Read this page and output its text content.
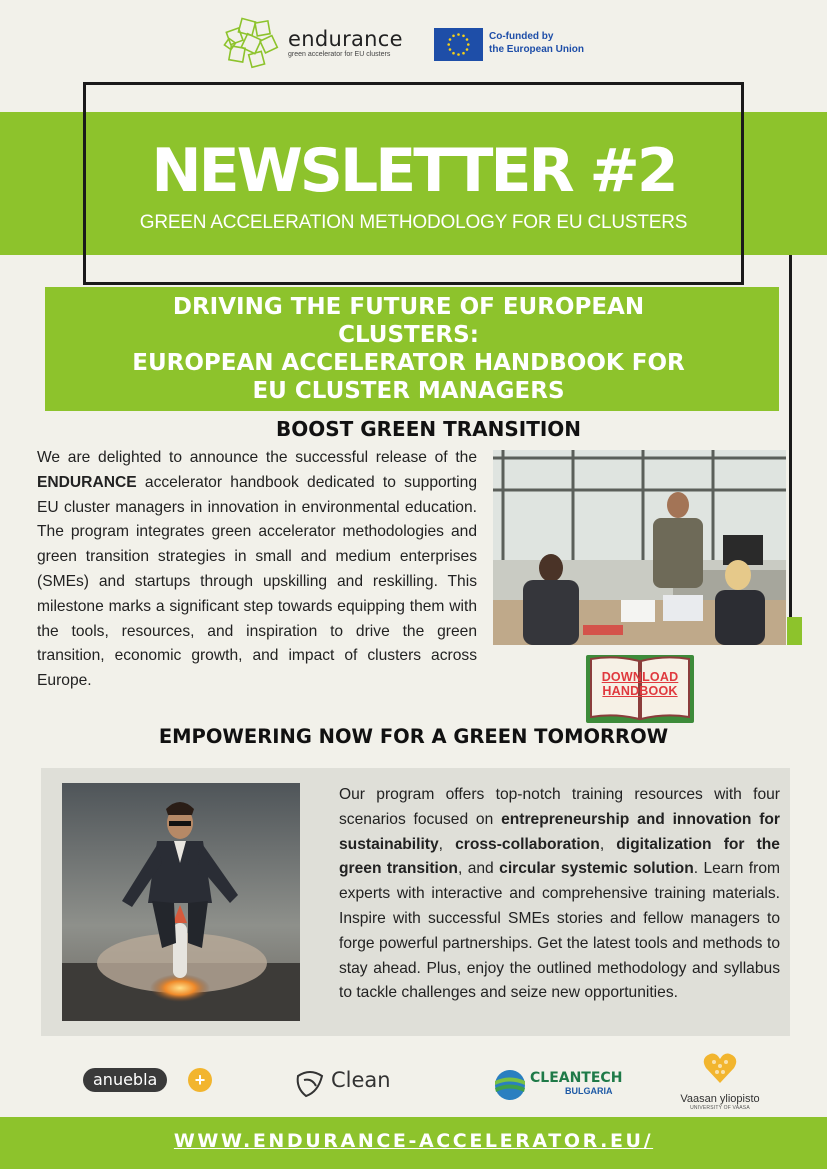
endurance
green accelerator for EU clusters
Co-funded by
the European Union
NEWSLETTER #2
GREEN ACCELERATION METHODOLOGY FOR EU CLUSTERS
DRIVING THE FUTURE OF EUROPEAN
CLUSTERS:
EUROPEAN ACCELERATOR HANDBOOK FOR
EU CLUSTER MANAGERS
BOOST GREEN TRANSITION
We are delighted to announce the successful release of the ENDURANCE accelerator handbook dedicated to supporting EU cluster managers in innovation in environmental education. The program integrates green accelerator methodologies and green transition strategies in small and medium enterprises (SMEs) and startups through upskilling and reskilling. This milestone marks a significant step towards equipping them with the tools, resources, and inspiration to drive the green transition, economic growth, and impact of clusters across Europe.	DOWNLOAD
HANDBOOK
EMPOWERING NOW FOR A GREEN TOMORROW
Our program offers top-notch training resources with four scenarios focused on entrepreneurship and innovation for sustainability, cross-collaboration, digitalization for the green transition, and circular systemic solution. Learn from experts with interactive and comprehensive training materials. Inspire with successful SMEs stories and fellow managers to forge powerful partnerships. Get the latest tools and methods to stay ahead. Plus, enjoy the outlined methodology and syllabus to tackle challenges and seize new opportunities.
anuebla	+	Clean	CLEANTECH
BULGARIA
Vaasan yliopisto
UNIVERSITY OF VAASA
WWW.ENDURANCE-ACCELERATOR.EU/
